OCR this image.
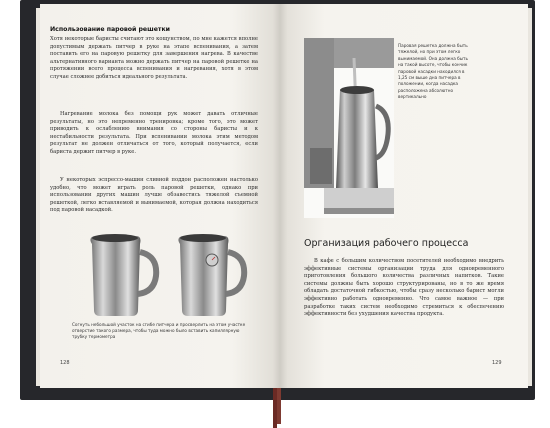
Использование паровой решетки
Хотя некоторые баристы считают это кощунством, по мне кажется вполне допустимым держать питчер в руке на этапе вспенивания, а затем поставить его на паровую решетку для завершения нагрева. В качестве альтернативного варианта можно держать питчер на паровой решетке на протяжении всего процесса вспенивания и нагревания, хотя в этом случае сложнее добиться идеального результата.
Нагревание молока без помощи рук может давать отличные результаты, но это непременно тренировка; кроме того, это может приводить к ослаблению внимания со стороны баристы и к нестабильности результата. При вспенивании молока этим методом результат не должен отличаться от того, который получается, если бариста держит питчер в руке.
У некоторых эспрессо-машин сливной поддон расположен настолько удобно, что может играть роль паровой решетки, однако при использовании других машин лучше обзавестись тяжелой съемной решеткой, легко вставляемой и вынимаемой, которая должна находиться под паровой насадкой.
Согнуть небольшой участок на сгибе питчера и просверлить на этом участке отверстие такого размера, чтобы туда можно было вставить капиллярную трубку термометра
128
Паровая решетка должна быть тяжелой, но при этом легко вынимаемой. Она должна быть на такой высоте, чтобы кончик паровой насадки находился в 1,25 см выше дна питчера в положении, когда насадка расположена абсолютно вертикально
Организация рабочего процесса
В кафе с большим количеством посетителей необходимо внедрить эффективные системы организации труда для одновременного приготовления большого количества различных напитков. Такие системы должны быть хорошо структурированы, но в то же время обладать достаточной гибкостью, чтобы сразу несколько барист могли эффективно работать одновременно. Что самое важное — при разработке таких систем необходимо стремиться к обеспечению эффективности без ухудшения качества продукта.
129
